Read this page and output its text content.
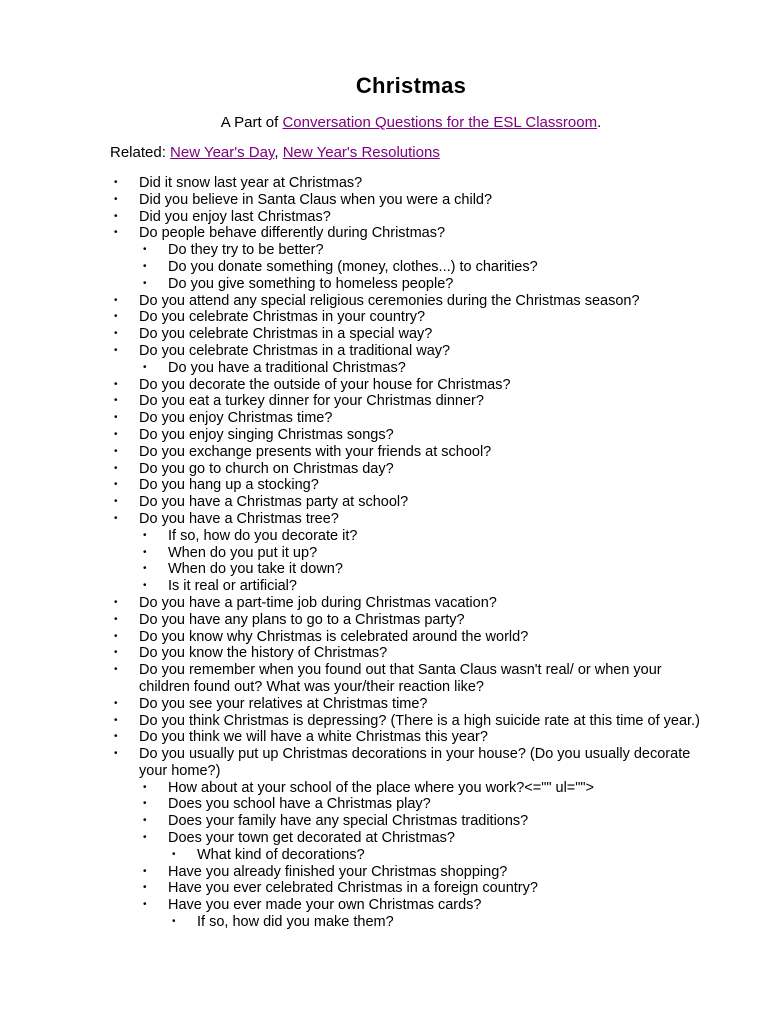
Christmas
A Part of Conversation Questions for the ESL Classroom.
Related: New Year's Day, New Year's Resolutions
• Did it snow last year at Christmas?
• Did you believe in Santa Claus when you were a child?
• Did you enjoy last Christmas?
• Do people behave differently during Christmas?
• Do they try to be better?
• Do you donate something (money, clothes...) to charities?
• Do you give something to homeless people?
• Do you attend any special religious ceremonies during the Christmas season?
• Do you celebrate Christmas in your country?
• Do you celebrate Christmas in a special way?
• Do you celebrate Christmas in a traditional way?
• Do you have a traditional Christmas?
• Do you decorate the outside of your house for Christmas?
• Do you eat a turkey dinner for your Christmas dinner?
• Do you enjoy Christmas time?
• Do you enjoy singing Christmas songs?
• Do you exchange presents with your friends at school?
• Do you go to church on Christmas day?
• Do you hang up a stocking?
• Do you have a Christmas party at school?
• Do you have a Christmas tree?
• If so, how do you decorate it?
• When do you put it up?
• When do you take it down?
• Is it real or artificial?
• Do you have a part-time job during Christmas vacation?
• Do you have any plans to go to a Christmas party?
• Do you know why Christmas is celebrated around the world?
• Do you know the history of Christmas?
• Do you remember when you found out that Santa Claus wasn't real/ or when your children found out? What was your/their reaction like?
• Do you see your relatives at Christmas time?
• Do you think Christmas is depressing? (There is a high suicide rate at this time of year.)
• Do you think we will have a white Christmas this year?
• Do you usually put up Christmas decorations in your house? (Do you usually decorate your home?)
• How about at your school of the place where you work?<="" ul="">
• Does you school have a Christmas play?
• Does your family have any special Christmas traditions?
• Does your town get decorated at Christmas?
• What kind of decorations?
• Have you already finished your Christmas shopping?
• Have you ever celebrated Christmas in a foreign country?
• Have you ever made your own Christmas cards?
• If so, how did you make them?
